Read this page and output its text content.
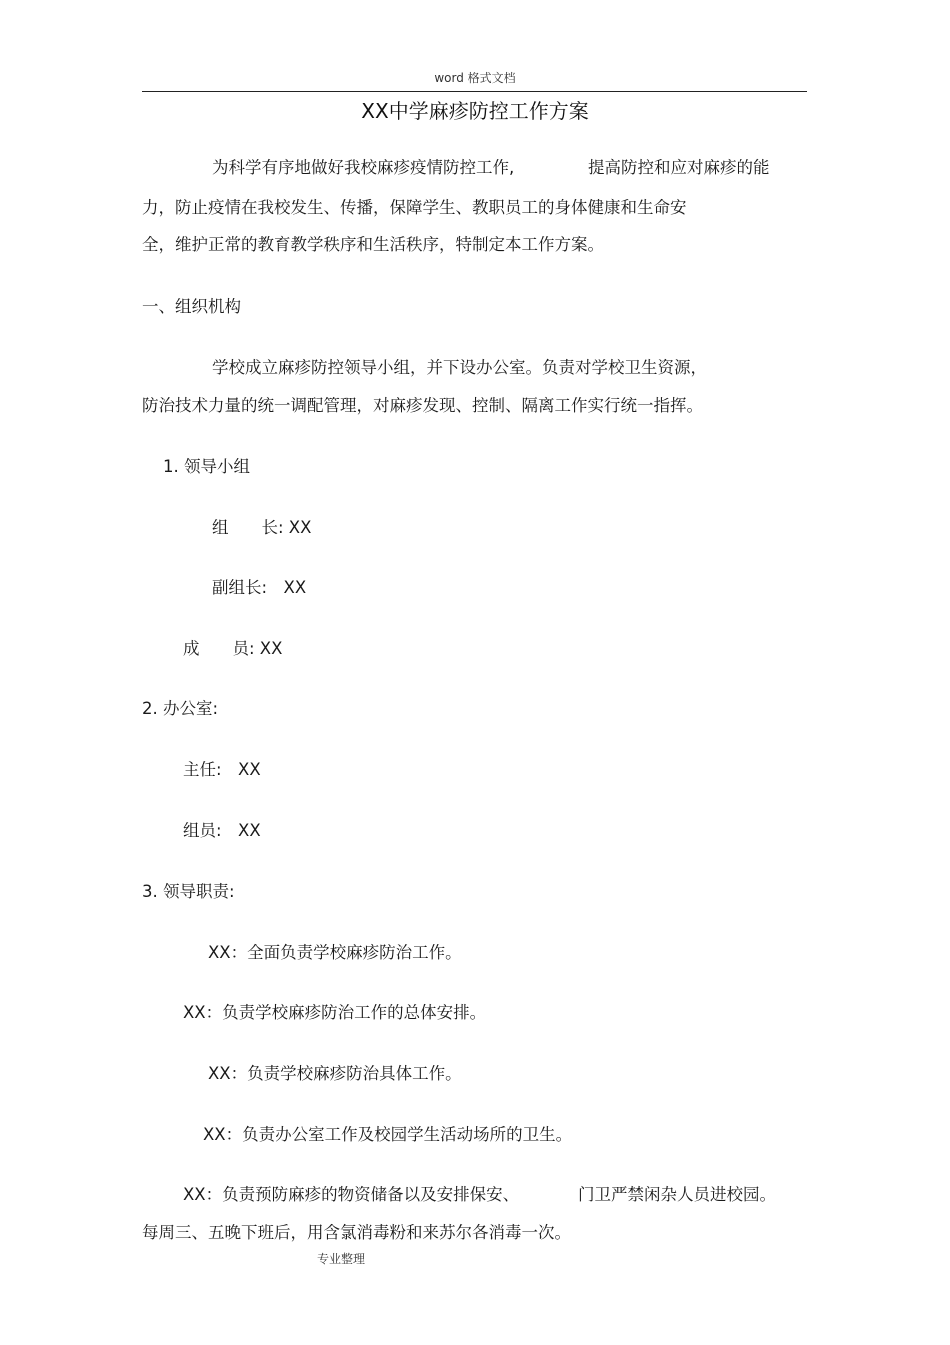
word 格式文档
XX中学麻疹防控工作方案
为科学有序地做好我校麻疹疫情防控工作,	提高防控和应对麻疹的能
力，防止疫情在我校发生、传播，保障学生、教职员工的身体健康和生命安
全，维护正常的教育教学秩序和生活秩序，特制定本工作方案。
一、组织机构
学校成立麻疹防控领导小组，并下设办公室。负责对学校卫生资源，
防治技术力量的统一调配管理，对麻疹发现、控制、隔离工作实行统一指挥。
1. 领导小组
组　　长: XX
副组长:　XX
成　　员: XX
2. 办公室:
主任:　XX
组员:　XX
3. 领导职责:
XX：全面负责学校麻疹防治工作。
XX：负责学校麻疹防治工作的总体安排。
XX：负责学校麻疹防治具体工作。
XX：负责办公室工作及校园学生活动场所的卫生。
XX：负责预防麻疹的物资储备以及安排保安、	门卫严禁闲杂人员进校园。
每周三、五晚下班后，用含氯消毒粉和来苏尔各消毒一次。
专业整理
